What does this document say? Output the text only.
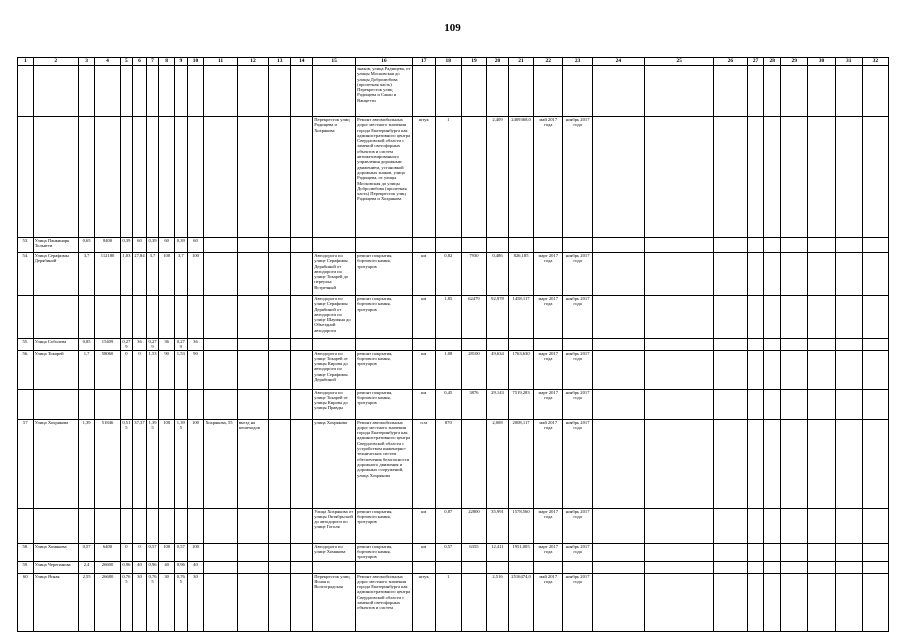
109
1	2	3	4	5	6	7	8	9	10	11	12	13	14	15	16	17	18	19	20	21	22	23	24	25	26	27	28	29	30	31	32
															знаков, улица Радищева, от улицы Московская до улицы Добролюбова (пролетная часть) Перекресток улиц Радищева и Сакко и Ванцетти																
														Перекресток улиц Радищева и Хохрякова	Ремонт автомобильных дорог местного значения города Екатеринбурга как административного центра Свердловской области с заменой светофорных объектов и систем автоматизированного управления дорожным движением, установкой дорожных знаков, улица Радищева, от улицы Московская до улицы Добролюбова (пролетная часть) Перекресток улиц Радищева и Хохрякова	штук	1		2,409	2409368,0	май 2017 года	ноябрь 2017 года									
53.	Улица Панкинарк Тольятти	0,65	8400	0,39	60	0,39	60	0,39	60																						
54.	Улица Серафимы Дерябиной	3,7	112180	1,03	27,84	3,7	100	3,7	100					Автодорога по улице Серафимы Дерябиной от автодороги по улице Токарей до переулка Встречный	ремонт покрытия, бортового камня, тротуаров	км	0,82	7930	0,486	826,185	март 2017 года	ноябрь 2017 года									
														Автодорога по улице Серафимы Дерябиной от автодороги по улице Шаумяна до Объездной автодороги	ремонт покрытия, бортового камня, тротуаров	км	1,85	62479	92,978	1458,117	март 2017 года	ноябрь 2017 года									
55.	Улица Соболева	0,85	15409	0,279	36	0,279	36	0,279	36																						
56.	Улица Токарей	1,7	58060	0	0	1,53	90	1,53	90					Автодорога по улице Токарей от улицы Кирова до автодороги по улице Серафимы Дерябиной	ремонт покрытия, бортового камня, тротуаров	км	1,08	28100	49,634	1763,630	март 2017 года	ноябрь 2017 года									
														Автодорога по улице Токарей от улицы Кирова до улицы Правды	ремонт покрытия, бортового камня, тротуаров	км	0,45	3876	29,143	7519,283	март 2017 года	ноябрь 2017 года									
57	Улица Хохрякова	1,39	51846	0,515	37,37	1,395	100	1,395	100	Хохрякова, 55	въезд на пешеходов			улица Хохрякова	Ремонт автомобильных дорог местного значения города Екатеринбурга как административного центра Свердловской области с устройством инженерно-технических систем обеспечения безопасности дорожного движения и дорожных сооружений, улица Хохрякова	п.м	870		2,008	2008,117	май 2017 года	ноябрь 2017 года									
														Улица Хохрякова от улицы Октябрьской до автодороги по улице Гоголя	ремонт покрытия, бортового камня, тротуаров	км	0,87	22800	35,991	1578,560	март 2017 года	ноябрь 2017 года									
58.	Улица Хомякова	0,57	6400	0	0	0,57	100	0,57	100					Автодорога по улице Хомякова	ремонт покрытия, бортового камня, тротуаров	км	0,57	6355	12,411	1951,005	март 2017 года	ноябрь 2017 года									
59.	Улица Черепанова	2,4	26600	0,96	40	0,96	40	0,96	40																						
60	Улица Ясная	2,55	26680	0,765	30	0,765	30	0,765	30					Перекресток улиц Ясная и Волгоградская	Ремонт автомобильных дорог местного значения города Екатеринбурга как административного центра Свердловской области с заменой светофорных объектов и систем	штук	1		2,516	2516474,0	май 2017 года	ноябрь 2017 года									
